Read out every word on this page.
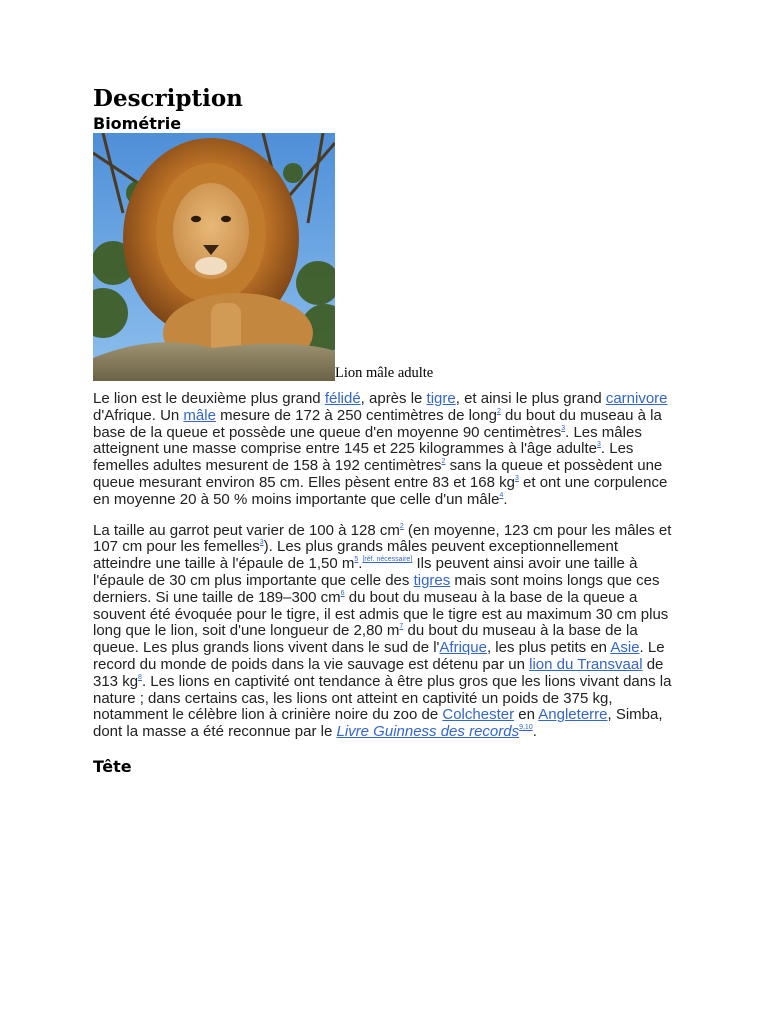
Description
Biométrie
Lion mâle adulte

Le lion est le deuxième plus grand félidé, après le tigre, et ainsi le plus grand carnivore d'Afrique. Un mâle mesure de 172 à 250 centimètres de long$^2$ du bout du museau à la base de la queue et possède une queue d'en moyenne 90 centimètres$^3$. Les mâles atteignent une masse comprise entre 145 et 225 kilogrammes à l'âge adulte$^3$. Les femelles adultes mesurent de 158 à 192 centimètres$^2$ sans la queue et possèdent une queue mesurant environ 85 cm. Elles pèsent entre 83 et 168 $kg^3$ et ont une corpulence en moyenne 20 à 50 % moins importante que celle d'un mâle$^4$.

La taille au garrot peut varier de 100 à 128 $cm^2$ (en moyenne, 123 cm pour les mâles et 107 cm pour les femelles$^3$). Les plus grands mâles peuvent exceptionnellement atteindre une taille à l'épaule de 1,50 $m^5.[réf. nécessaire]$ Ils peuvent ainsi avoir une taille à l'épaule de 30 cm plus importante que celle des tigres mais sont moins longs que ces derniers. Si une taille de 189–300 $cm^6$ du bout du museau à la base de la queue a souvent été évoquée pour le tigre, il est admis que le tigre est au maximum 30 cm plus long que le lion, soit d'une longueur de 2,80 $m^7$ du bout du museau à la base de la queue. Les plus grands lions vivent dans le sud de l'Afrique, les plus petits en Asie. Le record du monde de poids dans la vie sauvage est détenu par un lion du Transvaal de 313 $kg^8$. Les lions en captivité ont tendance à être plus gros que les lions vivant dans la nature ; dans certains cas, les lions ont atteint en captivité un poids de 375 kg, notamment le célèbre lion à crinière noire du zoo de Colchester en Angleterre, Simba, dont la masse a été reconnue par le Livre Guinness des records$^{9,10}$.

Tête
